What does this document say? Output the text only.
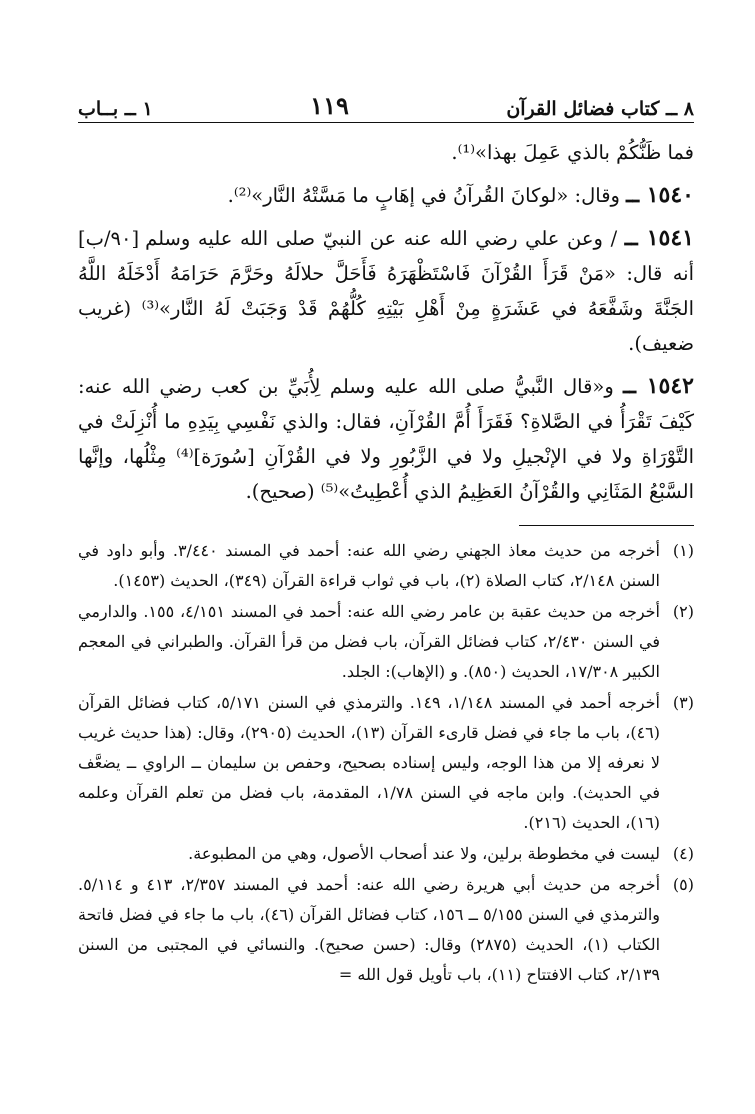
٨ ــ كتاب فضائل القرآن
١١٩
١ ــ بــاب

فما ظَنُّكُمْ بالذي عَمِلَ بهذا»⁽¹⁾.

١٥٤٠ ــ وقال: «لوكانَ القُرآنُ في إهَابٍ ما مَسَّتْهُ النَّار»⁽²⁾.

[٩٠/ب]	١٥٤١ ــ / وعن علي رضي الله عنه عن النبيّ صلى الله عليه وسلم أنه قال: «مَنْ قَرَأَ القُرْآنَ فَاسْتَظْهَرَهُ فَأَحَلَّ حلالَهُ وحَرَّمَ حَرَامَهُ أَدْخَلَهُ اللَّهُ الجَنَّةَ وشَفَّعَهُ في عَشَرَةٍ مِنْ أَهْلِ بَيْتِهِ كُلُّهُمْ قَدْ وَجَبَتْ لَهُ النَّار»⁽³⁾ (غريب ضعيف).

١٥٤٢ ــ و«قال النَّبيُّ صلى الله عليه وسلم لِأُبَيِّ بن كعب رضي الله عنه: كَيْفَ تَقْرَأُ في الصَّلاةِ؟ فَقَرَأَ أُمَّ القُرْآنِ، فقال: والذي نَفْسِي بِيَدِهِ ما أُنْزِلَتْ في التَّوْرَاةِ ولا في الإنْجيلِ ولا في الزَّبُورِ ولا في القُرْآنِ [سُورَة]⁽⁴⁾ مِثْلُها، وإنَّها السَّبْعُ المَثَانِي والقُرْآنُ العَظِيمُ الذي أُعْطِيتُ»⁽⁵⁾ (صحيح).

(١)
أخرجه من حديث معاذ الجهني رضي الله عنه: أحمد في المسند ٣/٤٤٠. وأبو داود في السنن ٢/١٤٨، كتاب الصلاة (٢)، باب في ثواب قراءة القرآن (٣٤٩)، الحديث (١٤٥٣).
(٢)
أخرجه من حديث عقبة بن عامر رضي الله عنه: أحمد في المسند ٤/١٥١، ١٥٥. والدارمي في السنن ٢/٤٣٠، كتاب فضائل القرآن، باب فضل من قرأ القرآن. والطبراني في المعجم الكبير ١٧/٣٠٨، الحديث (٨٥٠). و (الإهاب): الجلد.
(٣)
أخرجه أحمد في المسند ١/١٤٨، ١٤٩. والترمذي في السنن ٥/١٧١، كتاب فضائل القرآن (٤٦)، باب ما جاء في فضل قارىء القرآن (١٣)، الحديث (٢٩٠٥)، وقال: (هذا حديث غريب لا نعرفه إلا من هذا الوجه، وليس إسناده بصحيح، وحفص بن سليمان ــ الراوي ــ يضعَّف في الحديث). وابن ماجه في السنن ١/٧٨، المقدمة، باب فضل من تعلم القرآن وعلمه (١٦)، الحديث (٢١٦).
(٤)
ليست في مخطوطة برلين، ولا عند أصحاب الأصول، وهي من المطبوعة.
(٥)
أخرجه من حديث أبي هريرة رضي الله عنه: أحمد في المسند ٢/٣٥٧، ٤١٣ و ٥/١١٤. والترمذي في السنن ٥/١٥٥ ــ ١٥٦، كتاب فضائل القرآن (٤٦)، باب ما جاء في فضل فاتحة الكتاب (١)، الحديث (٢٨٧٥) وقال: (حسن صحيح). والنسائي في المجتبى من السنن ٢/١٣٩، كتاب الافتتاح (١١)، باب تأويل قول الله =
